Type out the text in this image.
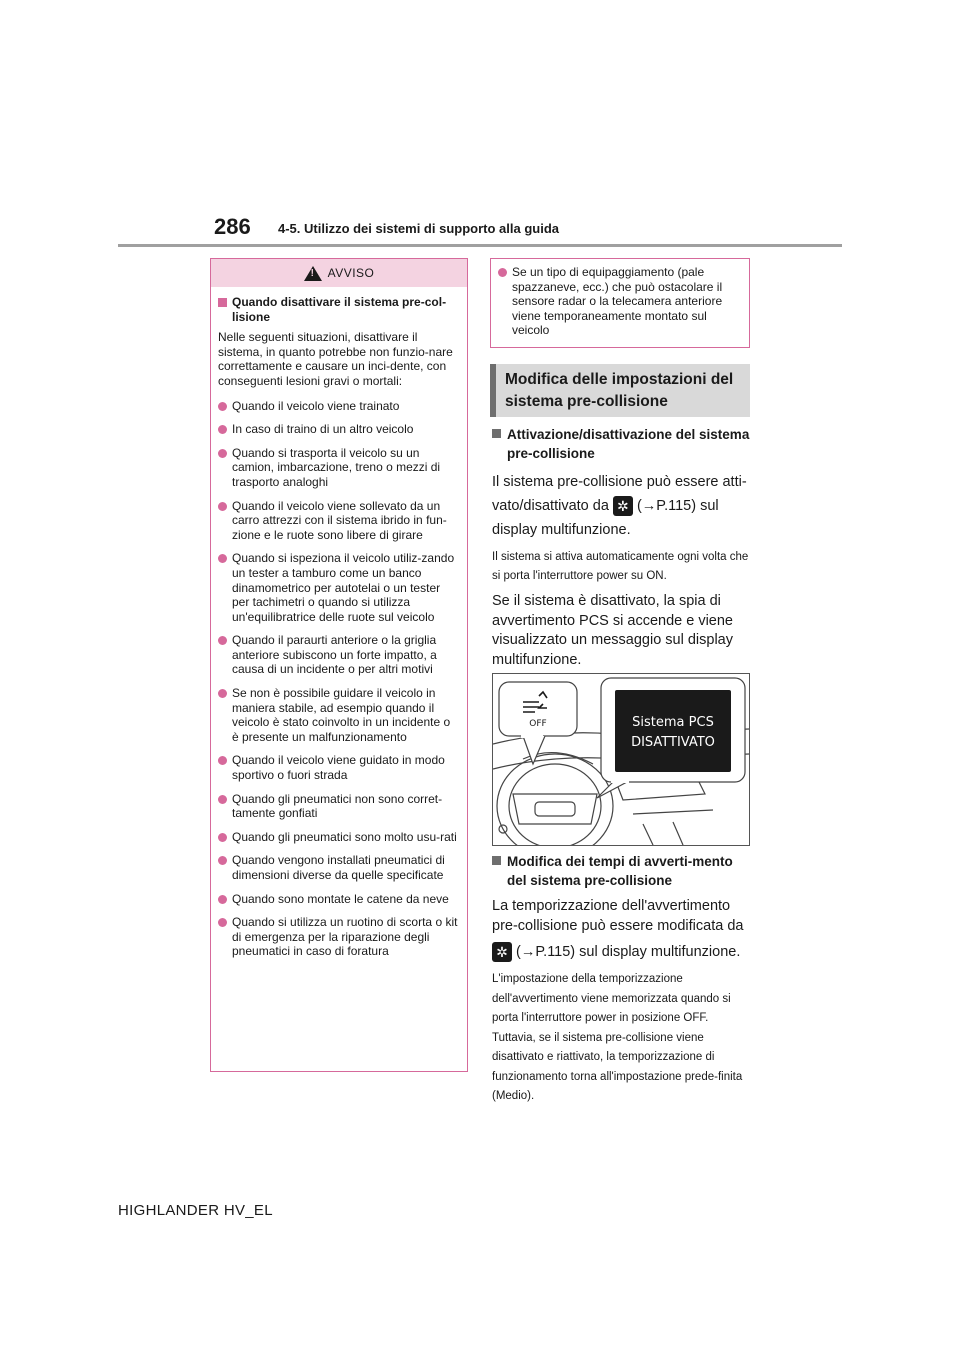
286 4-5. Utilizzo dei sistemi di supporto alla guida
!
AVVISO
Quando disattivare il sistema pre-col-lisione

Nelle seguenti situazioni, disattivare il sistema, in quanto potrebbe non funzio-nare correttamente e causare un inci-dente, con conseguenti lesioni gravi o mortali:

Quando il veicolo viene trainato
In caso di traino di un altro veicolo
Quando si trasporta il veicolo su un camion, imbarcazione, treno o mezzi di trasporto analoghi
Quando il veicolo viene sollevato da un carro attrezzi con il sistema ibrido in fun-zione e le ruote sono libere di girare
Quando si ispeziona il veicolo utiliz-zando un tester a tamburo come un banco dinamometrico per autotelai o un tester per tachimetri o quando si utilizza un'equilibratrice delle ruote sul veicolo
Quando il paraurti anteriore o la griglia anteriore subiscono un forte impatto, a causa di un incidente o per altri motivi
Se non è possibile guidare il veicolo in maniera stabile, ad esempio quando il veicolo è stato coinvolto in un incidente o è presente un malfunzionamento
Quando il veicolo viene guidato in modo sportivo o fuori strada
Quando gli pneumatici non sono corret-tamente gonfiati
Quando gli pneumatici sono molto usu-rati
Quando vengono installati pneumatici di dimensioni diverse da quelle specificate
Quando sono montate le catene da neve
Quando si utilizza un ruotino di scorta o kit di emergenza per la riparazione degli pneumatici in caso di foratura
Se un tipo di equipaggiamento (pale spazzaneve, ecc.) che può ostacolare il sensore radar o la telecamera anteriore viene temporaneamente montato sul veicolo
Modifica delle impostazioni del sistema pre-collisione
Attivazione/disattivazione del sistema pre-collisione
Il sistema pre-collisione può essere atti-vato/disattivato da ✲ (→P.115) sul display multifunzione.
Il sistema si attiva automaticamente ogni volta che si porta l'interruttore power su ON.
Se il sistema è disattivato, la spia di avvertimento PCS si accende e viene visualizzato un messaggio sul display multifunzione.
OFF	Sistema PCS
DISATTIVATO
Modifica dei tempi di avverti-mento del sistema pre-collisione
La temporizzazione dell'avvertimento pre-collisione può essere modificata da
✲ (→P.115) sul display multifunzione.
L'impostazione della temporizzazione dell'avvertimento viene memorizzata quando si porta l'interruttore power in posizione OFF. Tuttavia, se il sistema pre-collisione viene disattivato e riattivato, la temporizzazione di funzionamento torna all'impostazione prede-finita (Medio).
HIGHLANDER HV_EL
